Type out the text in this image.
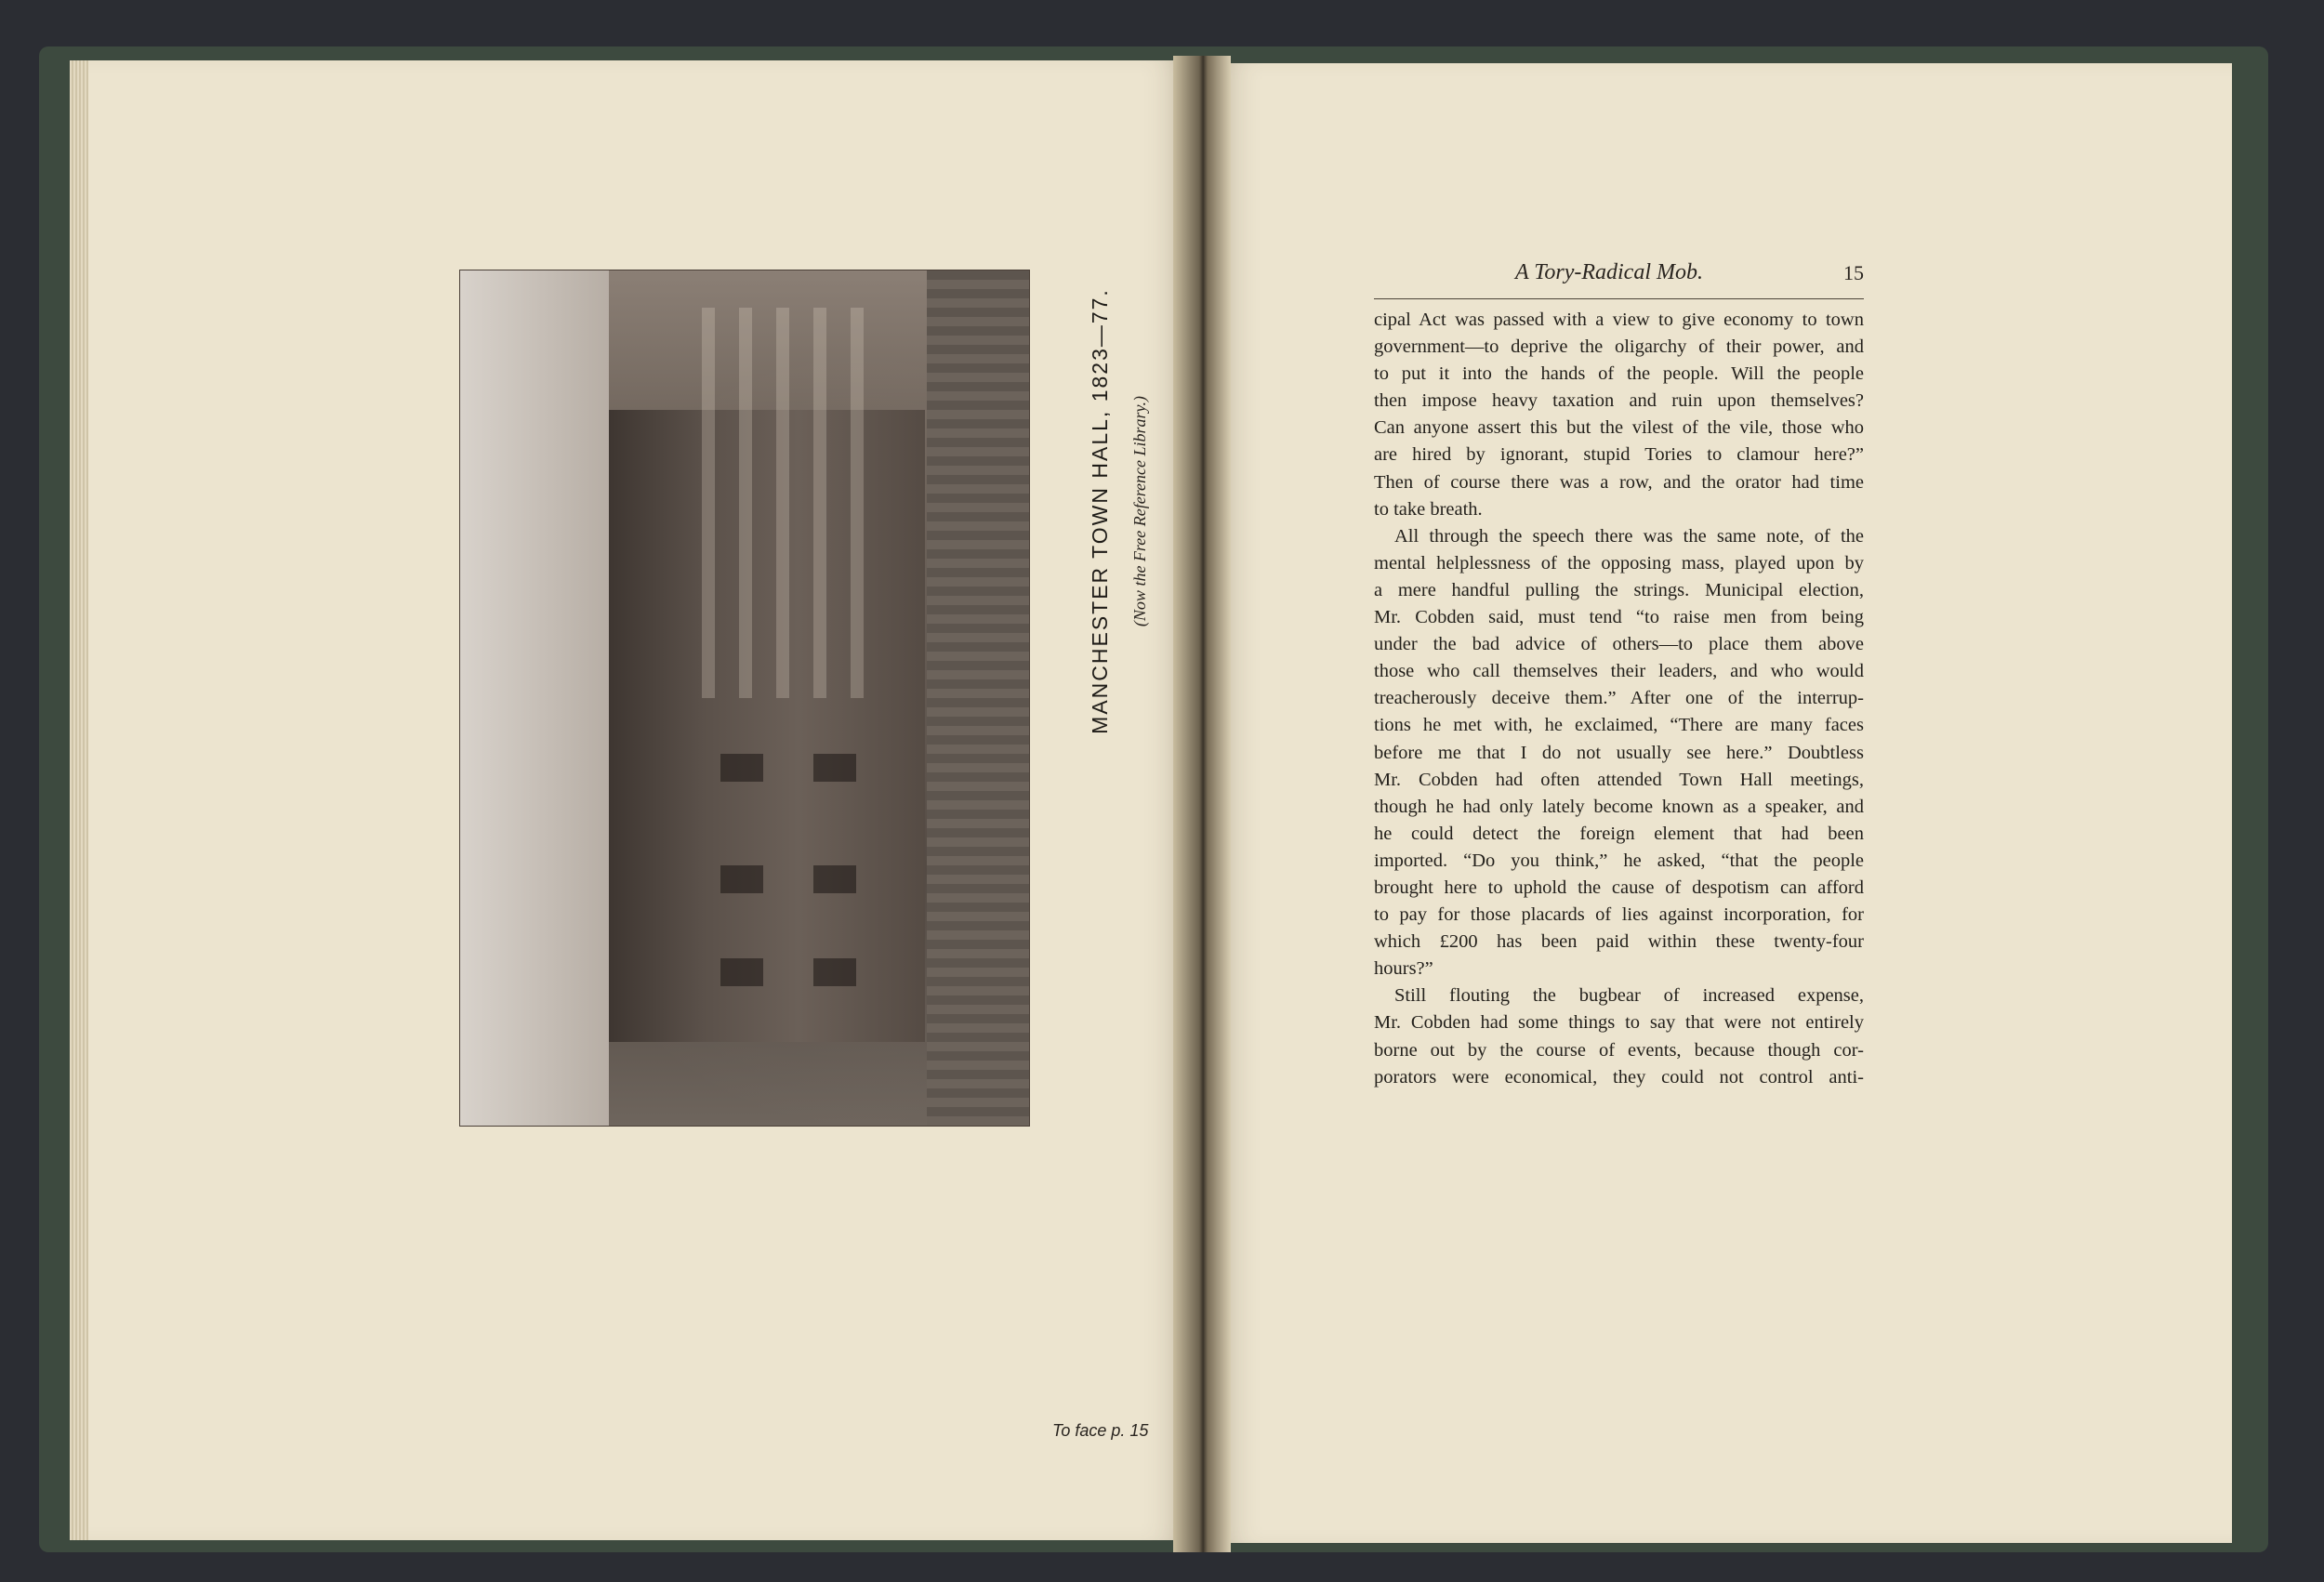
MANCHESTER TOWN HALL, 1823—77.	(Now the Free Reference Library.)
To face p. 15
A Tory-Radical Mob.	15
cipal Act was passed with a view to give economy to town
government—to deprive the oligarchy of their power, and
to put it into the hands of the people. Will the people
then impose heavy taxation and ruin upon themselves?
Can anyone assert this but the vilest of the vile, those who
are hired by ignorant, stupid Tories to clamour here?”
Then of course there was a row, and the orator had time
to take breath.
All through the speech there was the same note, of the
mental helplessness of the opposing mass, played upon by
a mere handful pulling the strings. Municipal election,
Mr. Cobden said, must tend “to raise men from being
under the bad advice of others—to place them above
those who call themselves their leaders, and who would
treacherously deceive them.” After one of the interrup-
tions he met with, he exclaimed, “There are many faces
before me that I do not usually see here.” Doubtless
Mr. Cobden had often attended Town Hall meetings,
though he had only lately become known as a speaker, and
he could detect the foreign element that had been
imported. “Do you think,” he asked, “that the people
brought here to uphold the cause of despotism can afford
to pay for those placards of lies against incorporation, for
which £200 has been paid within these twenty-four
hours?”
Still flouting the bugbear of increased expense,
Mr. Cobden had some things to say that were not entirely
borne out by the course of events, because though cor-
porators were economical, they could not control anti-
